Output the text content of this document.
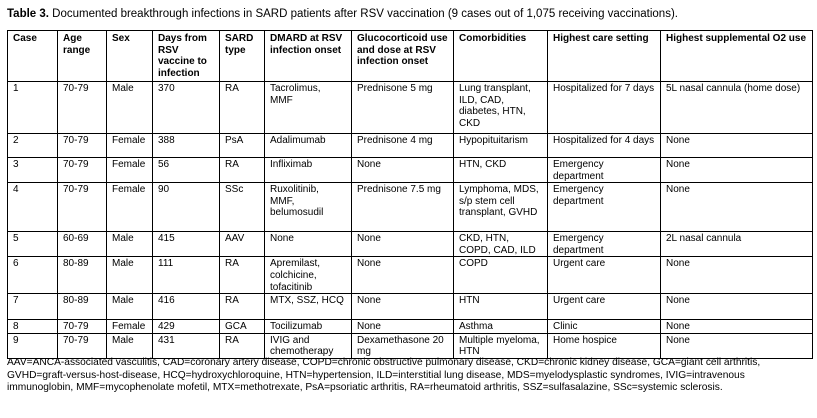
Table 3. Documented breakthrough infections in SARD patients after RSV vaccination (9 cases out of 1,075 receiving vaccinations).
Case	Age range	Sex	Days from RSV vaccine to infection	SARD type	DMARD at RSV infection onset	Glucocorticoid use and dose at RSV infection onset	Comorbidities	Highest care setting	Highest supplemental O2 use
1	70-79	Male	370	RA	Tacrolimus, MMF	Prednisone 5 mg	Lung transplant, ILD, CAD, diabetes, HTN, CKD	Hospitalized for 7 days	5L nasal cannula (home dose)
2	70-79	Female	388	PsA	Adalimumab	Prednisone 4 mg	Hypopituitarism	Hospitalized for 4 days	None
3	70-79	Female	56	RA	Infliximab	None	HTN, CKD	Emergency department	None
4	70-79	Female	90	SSc	Ruxolitinib, MMF, belumosudil	Prednisone 7.5 mg	Lymphoma, MDS, s/p stem cell transplant, GVHD	Emergency department	None
5	60-69	Male	415	AAV	None	None	CKD, HTN, COPD, CAD, ILD	Emergency department	2L nasal cannula
6	80-89	Male	111	RA	Apremilast, colchicine, tofacitinib	None	COPD	Urgent care	None
7	80-89	Male	416	RA	MTX, SSZ, HCQ	None	HTN	Urgent care	None
8	70-79	Female	429	GCA	Tocilizumab	None	Asthma	Clinic	None
9	70-79	Male	431	RA	IVIG and chemotherapy	Dexamethasone 20 mg	Multiple myeloma, HTN	Home hospice	None
AAV=ANCA-associated vasculitis, CAD=coronary artery disease, COPD=chronic obstructive pulmonary disease, CKD=chronic kidney disease, GCA=giant cell arthritis, GVHD=graft-versus-host-disease, HCQ=hydroxychloroquine, HTN=hypertension, ILD=interstitial lung disease, MDS=myelodysplastic syndromes, IVIG=intravenous immunoglobin, MMF=mycophenolate mofetil, MTX=methotrexate, PsA=psoriatic arthritis, RA=rheumatoid arthritis, SSZ=sulfasalazine, SSc=systemic sclerosis.
